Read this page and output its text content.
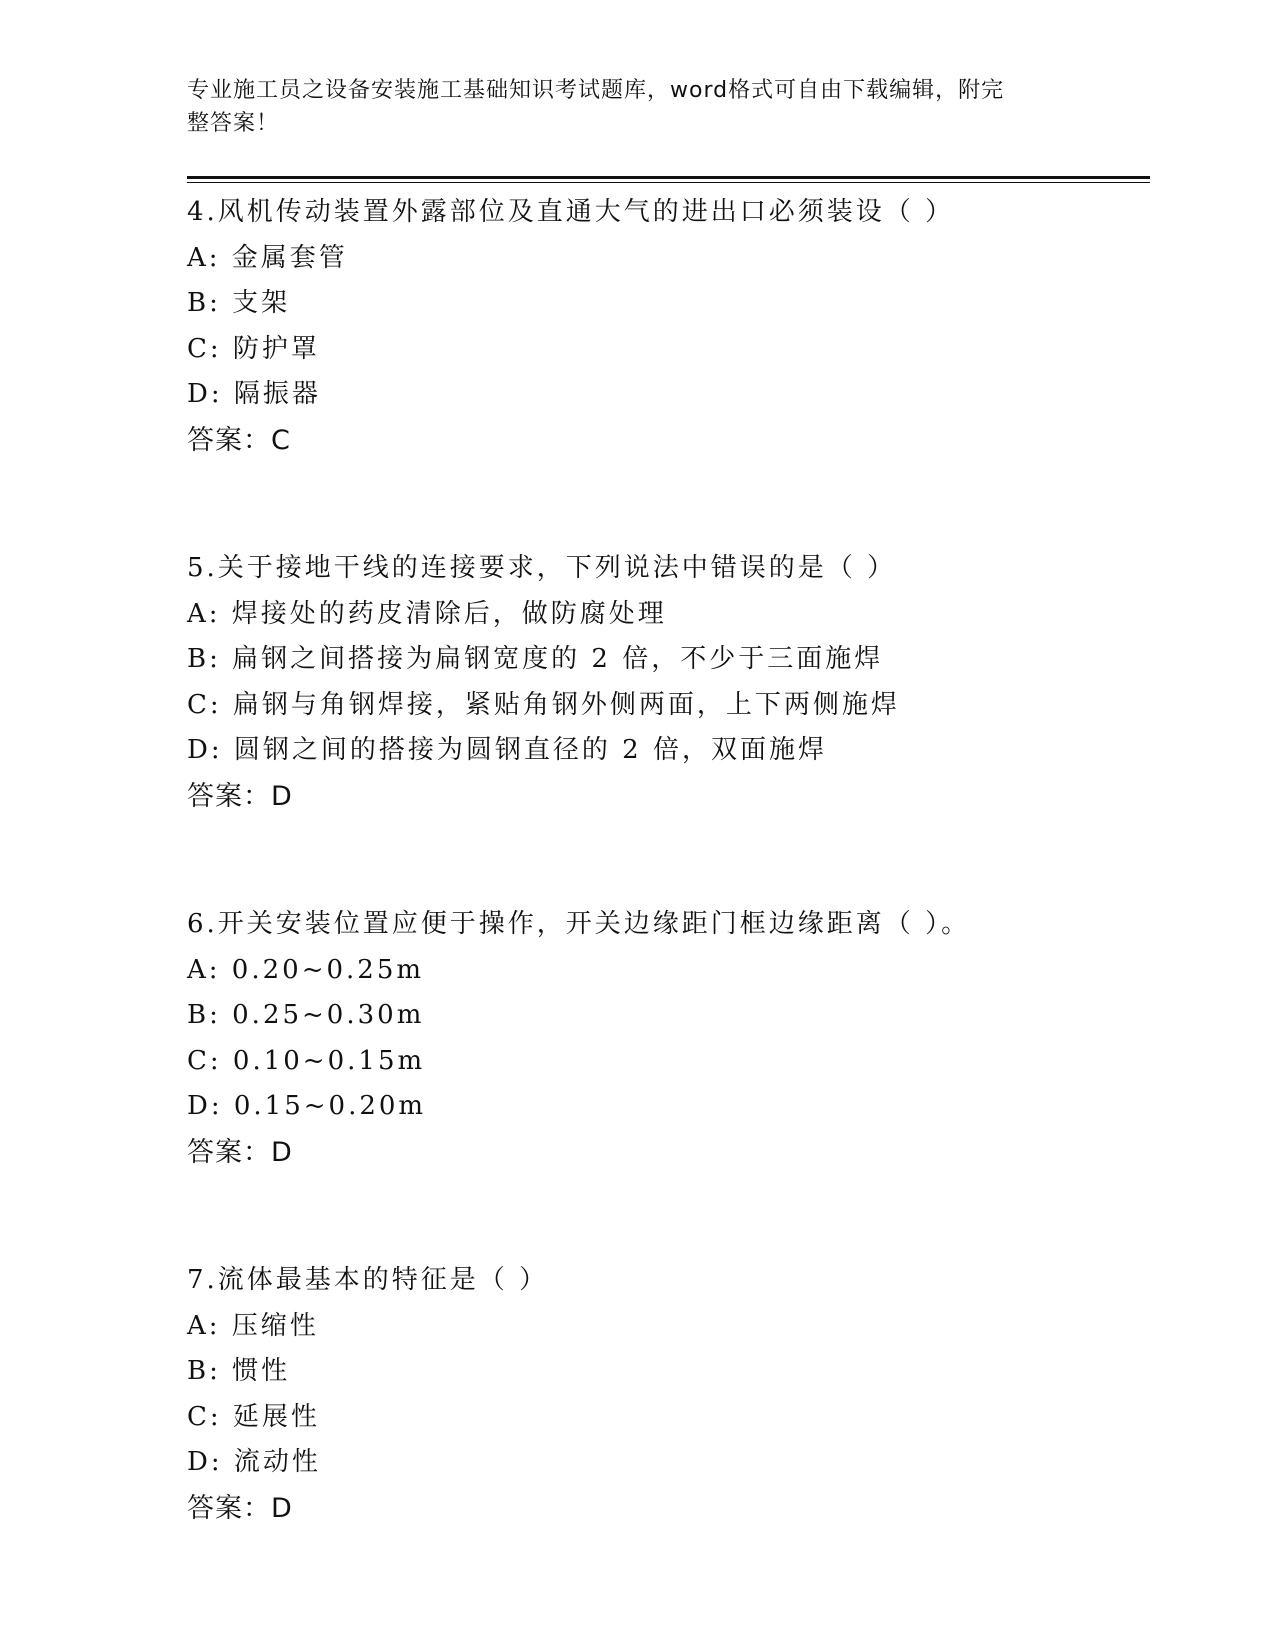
专业施工员之设备安装施工基础知识考试题库，word格式可自由下载编辑，附完
整答案！
4.风机传动装置外露部位及直通大气的进出口必须装设（ ）
A: 金属套管
B: 支架
C: 防护罩
D: 隔振器
答案：C
5.关于接地干线的连接要求，下列说法中错误的是（ ）
A: 焊接处的药皮清除后，做防腐处理
B: 扁钢之间搭接为扁钢宽度的 2 倍，不少于三面施焊
C: 扁钢与角钢焊接，紧贴角钢外侧两面，上下两侧施焊
D: 圆钢之间的搭接为圆钢直径的 2 倍，双面施焊
答案：D
6.开关安装位置应便于操作，开关边缘距门框边缘距离（ ）。
A: 0.20~0.25m
B: 0.25~0.30m
C: 0.10~0.15m
D: 0.15~0.20m
答案：D
7.流体最基本的特征是（ ）
A: 压缩性
B: 惯性
C: 延展性
D: 流动性
答案：D
